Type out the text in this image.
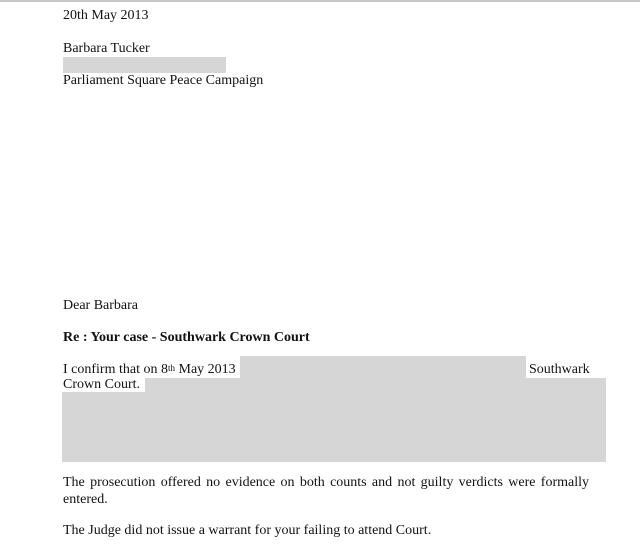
20th May 2013
Barbara Tucker
Parliament Square Peace Campaign
Dear Barbara
Re : Your case - Southwark Crown Court
I confirm that on 8th May 2013	Southwark
Crown Court.
The prosecution offered no evidence on both counts and not guilty verdicts were formally entered.
The Judge did not issue a warrant for your failing to attend Court.
